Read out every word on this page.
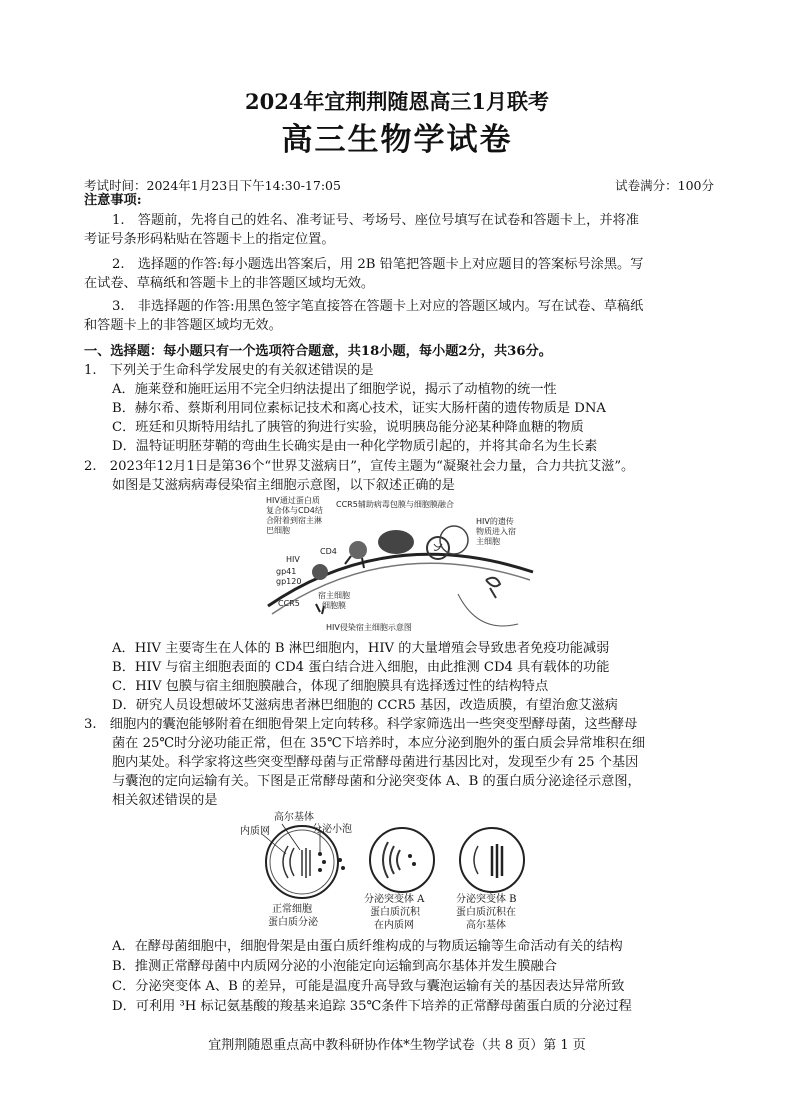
2024年宜荆荆随恩高三1月联考
高三生物学试卷
考试时间：2024年1月23日下午14:30-17:05	试卷满分：100分
注意事项:
1.　答题前，先将自己的姓名、准考证号、考场号、座位号填写在试卷和答题卡上，并将准
考证号条形码粘贴在答题卡上的指定位置。
2.　选择题的作答:每小题选出答案后，用 2B 铅笔把答题卡上对应题目的答案标号涂黑。写
在试卷、草稿纸和答题卡上的非答题区域均无效。
3.　非选择题的作答:用黑色签字笔直接答在答题卡上对应的答题区域内。写在试卷、草稿纸
和答题卡上的非答题区域均无效。
一、选择题：每小题只有一个选项符合题意，共18小题，每小题2分，共36分。
1.　下列关于生命科学发展史的有关叙述错误的是
A．施莱登和施旺运用不完全归纳法提出了细胞学说，揭示了动植物的统一性
B．赫尔希、蔡斯利用同位素标记技术和离心技术，证实大肠杆菌的遗传物质是 DNA
C．班廷和贝斯特用结扎了胰管的狗进行实验，说明胰岛能分泌某种降血糖的物质
D．温特证明胚芽鞘的弯曲生长确实是由一种化学物质引起的，并将其命名为生长素
2.　2023年12月1日是第36个“世界艾滋病日”，宣传主题为“凝聚社会力量，合力共抗艾滋”。
如图是艾滋病病毒侵染宿主细胞示意图，以下叙述正确的是
HIV通过蛋白质
复合体与CD4结
合附着到宿主淋
巴细胞
CCR5辅助病毒包膜与细胞膜融合
HIV的遗传
物质进入宿
主细胞
HIV
CD4
gp41
gp120
CCR5
宿主细胞
细胞膜
HIV侵染宿主细胞示意图
A．HIV 主要寄生在人体的 B 淋巴细胞内，HIV 的大量增殖会导致患者免疫功能减弱
B．HIV 与宿主细胞表面的 CD4 蛋白结合进入细胞，由此推测 CD4 具有载体的功能
C．HIV 包膜与宿主细胞膜融合，体现了细胞膜具有选择透过性的结构特点
D．研究人员设想破坏艾滋病患者淋巴细胞的 CCR5 基因，改造质膜，有望治愈艾滋病
3.　细胞内的囊泡能够附着在细胞骨架上定向转移。科学家筛选出一些突变型酵母菌，这些酵母
菌在 25℃时分泌功能正常，但在 35℃下培养时，本应分泌到胞外的蛋白质会异常堆积在细
胞内某处。科学家将这些突变型酵母菌与正常酵母菌进行基因比对，发现至少有 25 个基因
与囊泡的定向运输有关。下图是正常酵母菌和分泌突变体 A、B 的蛋白质分泌途径示意图，
相关叙述错误的是
高尔基体
内质网	分泌小泡
正常细胞
蛋白质分泌
分泌突变体 A
蛋白质沉积
在内质网
分泌突变体 B
蛋白质沉积在
高尔基体
A．在酵母菌细胞中，细胞骨架是由蛋白质纤维构成的与物质运输等生命活动有关的结构
B．推测正常酵母菌中内质网分泌的小泡能定向运输到高尔基体并发生膜融合
C．分泌突变体 A、B 的差异，可能是温度升高导致与囊泡运输有关的基因表达异常所致
D．可利用 ³H 标记氨基酸的羧基来追踪 35℃条件下培养的正常酵母菌蛋白质的分泌过程
宜荆荆随恩重点高中教科研协作体*生物学试卷（共 8 页）第 1 页
